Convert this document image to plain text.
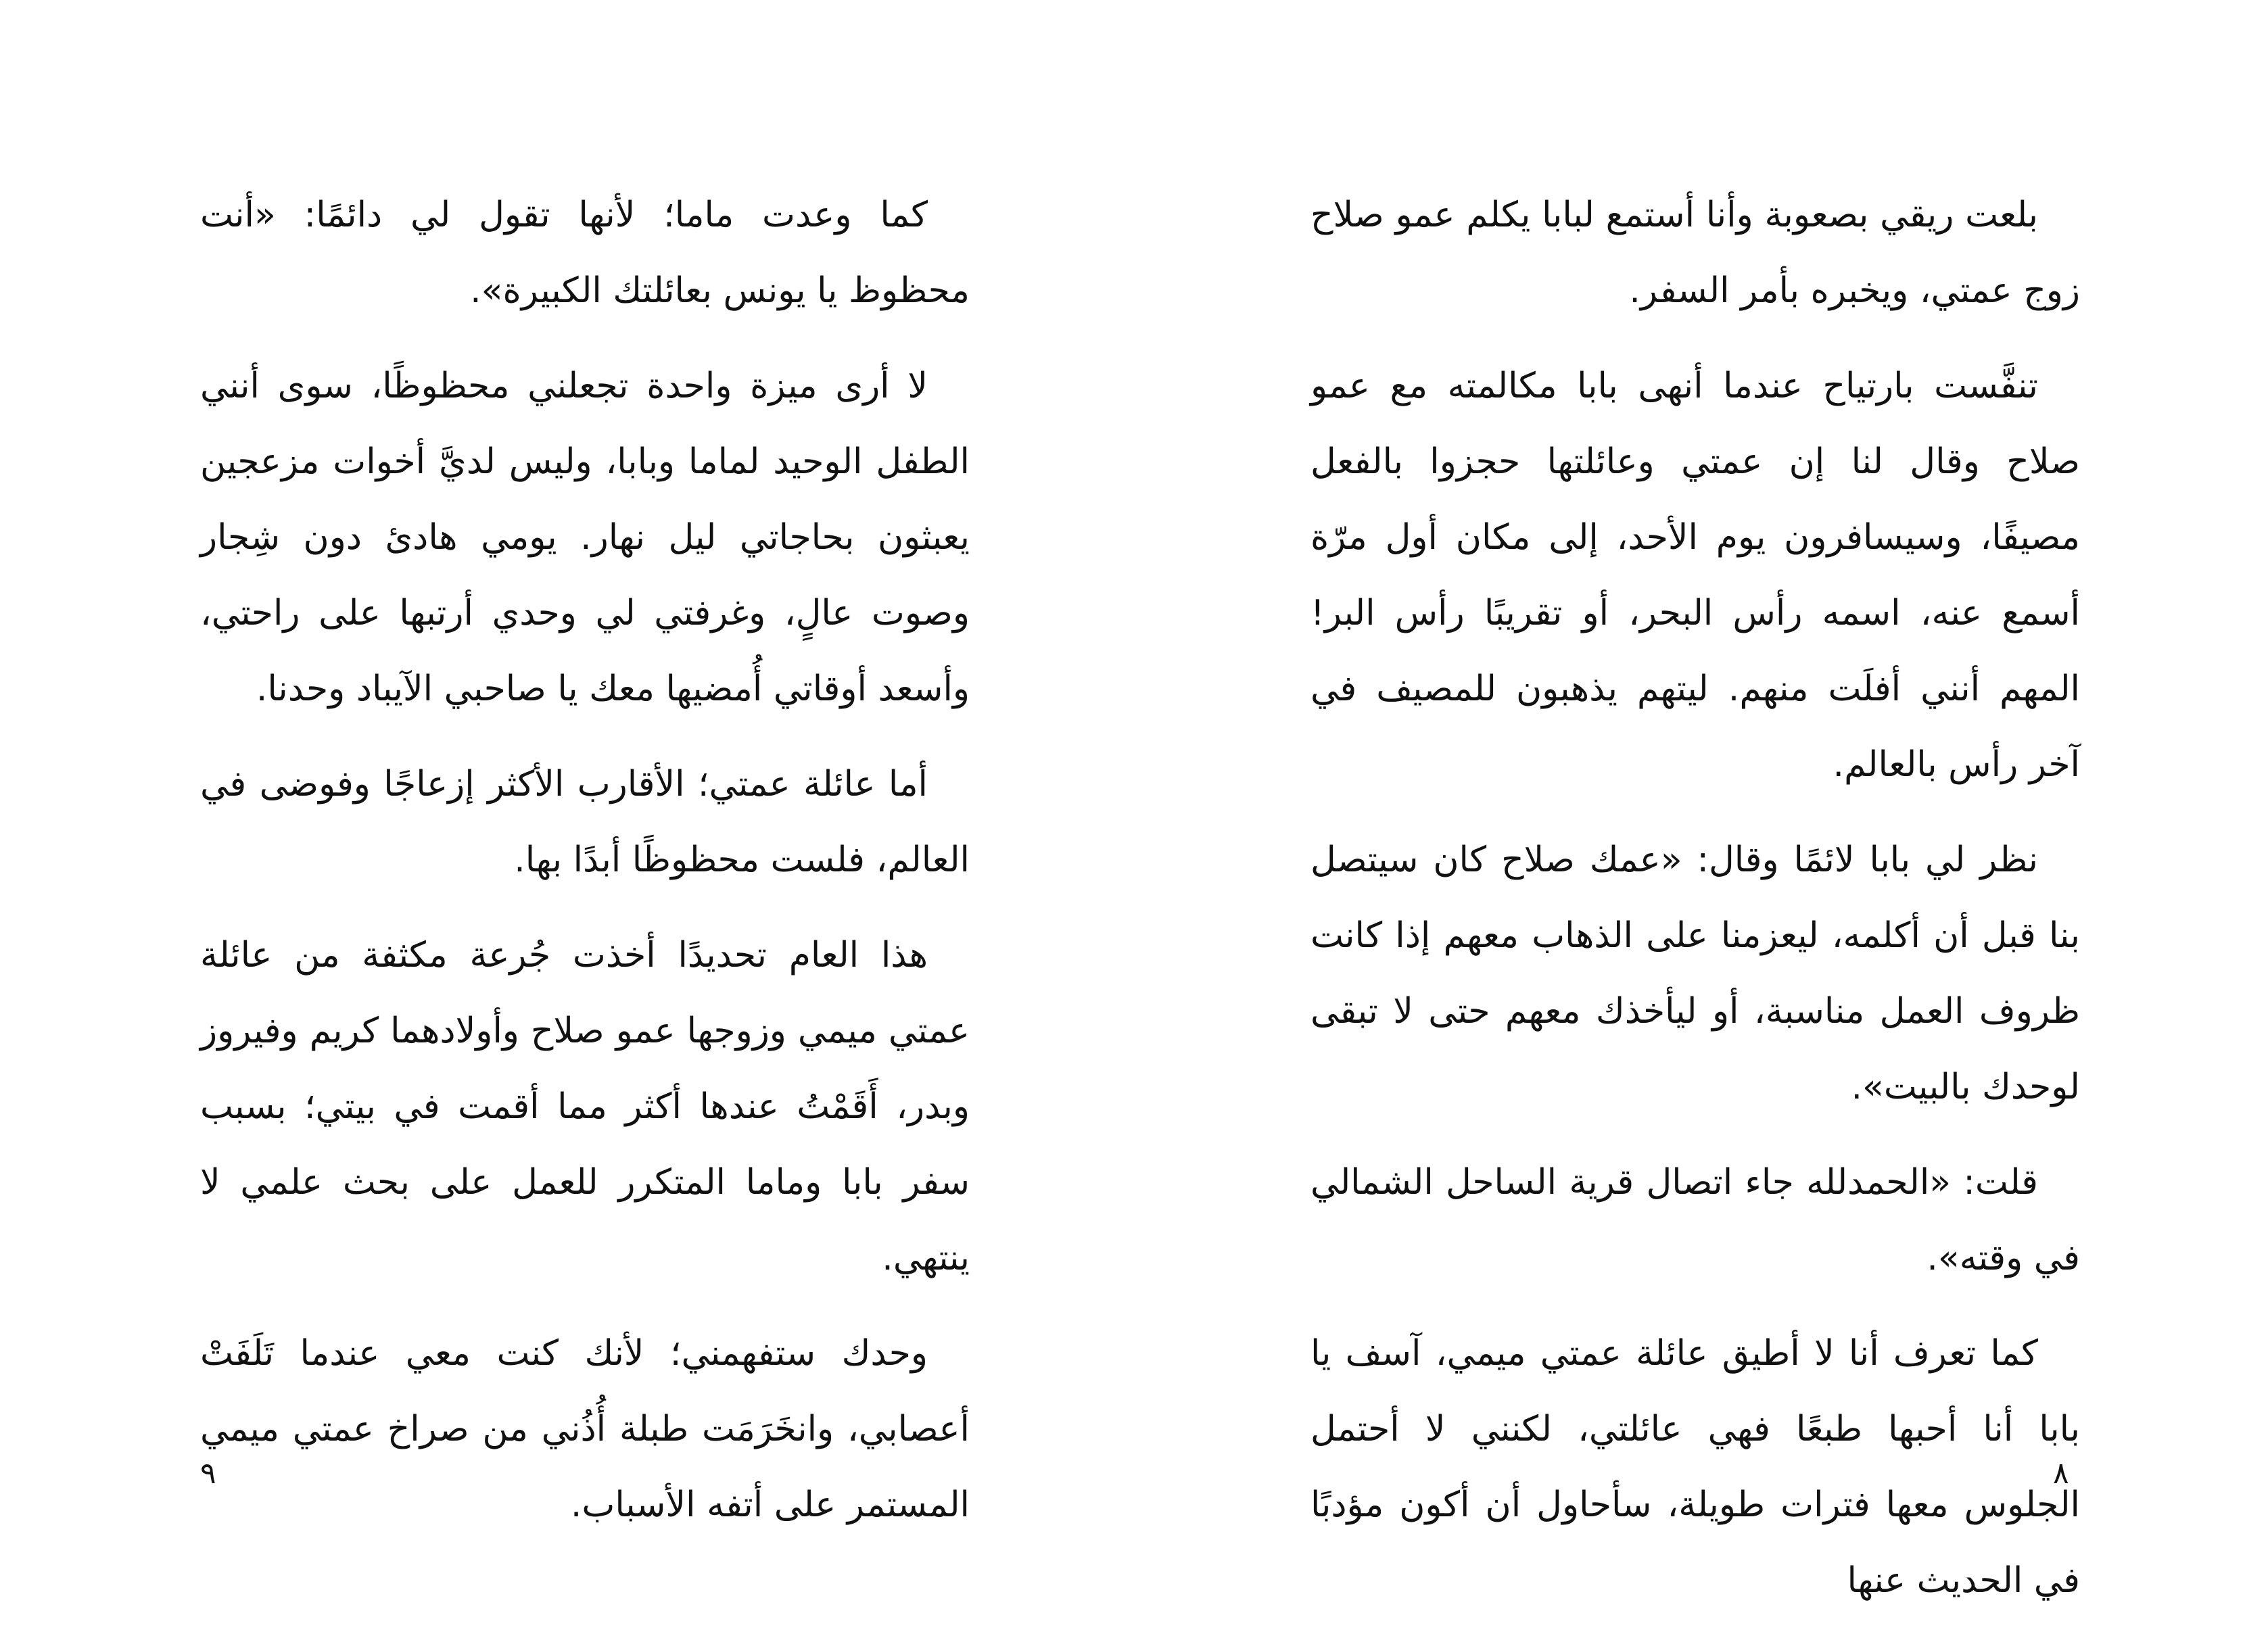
كما وعدت ماما؛ لأنها تقول لي دائمًا: «أنت محظوظ يا يونس بعائلتك الكبيرة».

لا أرى ميزة واحدة تجعلني محظوظًا، سوى أنني الطفل الوحيد لماما وبابا، وليس لديَّ أخوات مزعجين يعبثون بحاجاتي ليل نهار. يومي هادئ دون شِجار وصوت عالٍ، وغرفتي لي وحدي أرتبها على راحتي، وأسعد أوقاتي أُمضيها معك يا صاحبي الآيباد وحدنا.

أما عائلة عمتي؛ الأقارب الأكثر إزعاجًا وفوضى في العالم، فلست محظوظًا أبدًا بها.

هذا العام تحديدًا أخذت جُرعة مكثفة من عائلة عمتي ميمي وزوجها عمو صلاح وأولادهما كريم وفيروز وبدر، أَقَمْتُ عندها أكثر مما أقمت في بيتي؛ بسبب سفر بابا وماما المتكرر للعمل على بحث علمي لا ينتهي.

وحدك ستفهمني؛ لأنك كنت معي عندما تَلَفَتْ أعصابي، وانخَرَمَت طبلة أُذُني من صراخ عمتي ميمي المستمر على أتفه الأسباب.

بلعت ريقي بصعوبة وأنا أستمع لبابا يكلم عمو صلاح زوج عمتي، ويخبره بأمر السفر.

تنفَّست بارتياح عندما أنهى بابا مكالمته مع عمو صلاح وقال لنا إن عمتي وعائلتها حجزوا بالفعل مصيفًا، وسيسافرون يوم الأحد، إلى مكان أول مرّة أسمع عنه، اسمه رأس البحر، أو تقريبًا رأس البر! المهم أنني أفلَت منهم. ليتهم يذهبون للمصيف في آخر رأس بالعالم.

نظر لي بابا لائمًا وقال: «عمك صلاح كان سيتصل بنا قبل أن أكلمه، ليعزمنا على الذهاب معهم إذا كانت ظروف العمل مناسبة، أو ليأخذك معهم حتى لا تبقى لوحدك بالبيت».

قلت: «الحمدلله جاء اتصال قرية الساحل الشمالي في وقته».

كما تعرف أنا لا أطيق عائلة عمتي ميمي، آسف يا بابا أنا أحبها طبعًا فهي عائلتي، لكنني لا أحتمل الجلوس معها فترات طويلة، سأحاول أن أكون مؤدبًا في الحديث عنها

٩	٨
